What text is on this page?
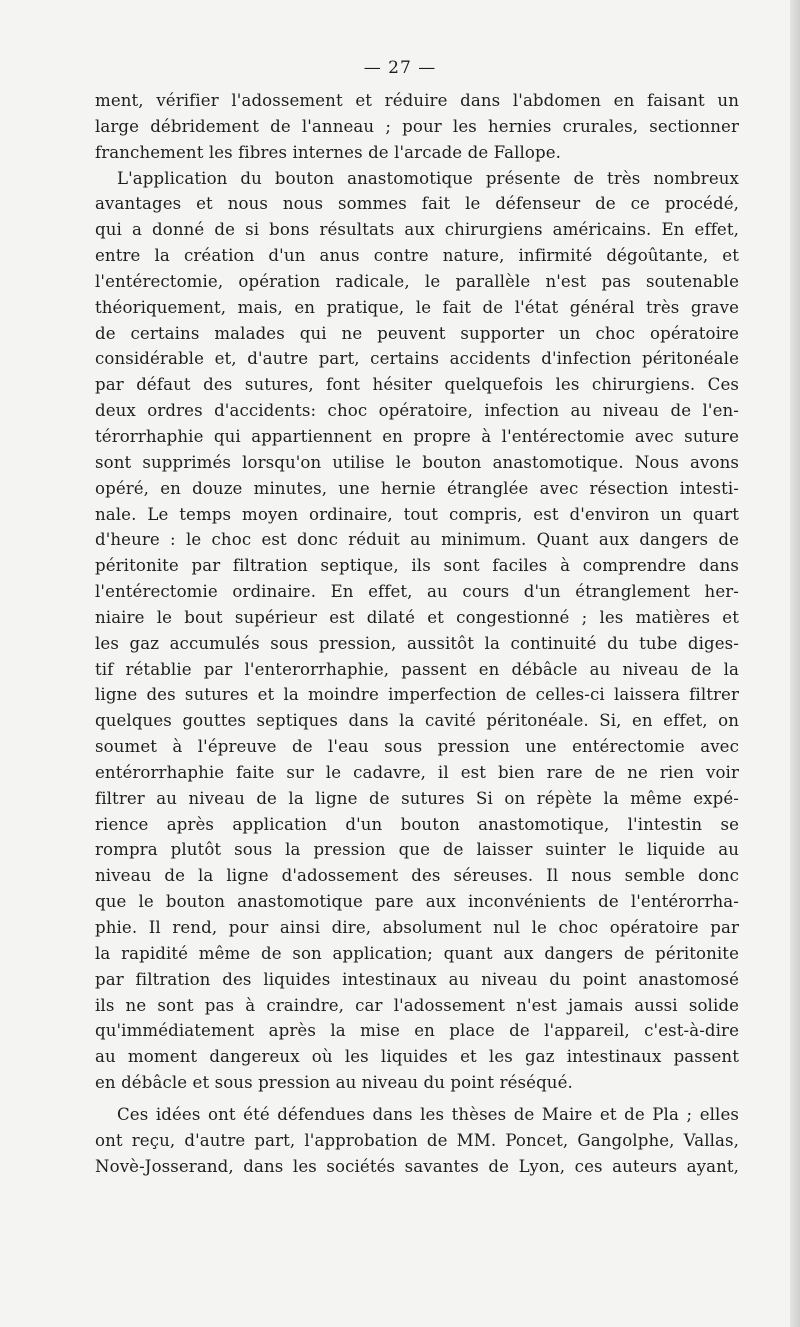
— 27 —
ment, vérifier l'adossement et réduire dans l'abdomen en faisant un
large débridement de l'anneau ; pour les hernies crurales, sectionner
franchement les fibres internes de l'arcade de Fallope.
L'application du bouton anastomotique présente de très nombreux
avantages et nous nous sommes fait le défenseur de ce procédé,
qui a donné de si bons résultats aux chirurgiens américains. En effet,
entre la création d'un anus contre nature, infirmité dégoûtante, et
l'entérectomie, opération radicale, le parallèle n'est pas soutenable
théoriquement, mais, en pratique, le fait de l'état général très grave
de certains malades qui ne peuvent supporter un choc opératoire
considérable et, d'autre part, certains accidents d'infection péritonéale
par défaut des sutures, font hésiter quelquefois les chirurgiens. Ces
deux ordres d'accidents: choc opératoire, infection au niveau de l'en-
térorrhaphie qui appartiennent en propre à l'entérectomie avec suture
sont supprimés lorsqu'on utilise le bouton anastomotique. Nous avons
opéré, en douze minutes, une hernie étranglée avec résection intesti-
nale. Le temps moyen ordinaire, tout compris, est d'environ un quart
d'heure : le choc est donc réduit au minimum. Quant aux dangers de
péritonite par filtration septique, ils sont faciles à comprendre dans
l'entérectomie ordinaire. En effet, au cours d'un étranglement her-
niaire le bout supérieur est dilaté et congestionné ; les matières et
les gaz accumulés sous pression, aussitôt la continuité du tube diges-
tif rétablie par l'enterorrhaphie, passent en débâcle au niveau de la
ligne des sutures et la moindre imperfection de celles-ci laissera filtrer
quelques gouttes septiques dans la cavité péritonéale. Si, en effet, on
soumet à l'épreuve de l'eau sous pression une entérectomie avec
entérorrhaphie faite sur le cadavre, il est bien rare de ne rien voir
filtrer au niveau de la ligne de sutures Si on répète la même expé-
rience après application d'un bouton anastomotique, l'intestin se
rompra plutôt sous la pression que de laisser suinter le liquide au
niveau de la ligne d'adossement des séreuses. Il nous semble donc
que le bouton anastomotique pare aux inconvénients de l'entérorrha-
phie. Il rend, pour ainsi dire, absolument nul le choc opératoire par
la rapidité même de son application; quant aux dangers de péritonite
par filtration des liquides intestinaux au niveau du point anastomosé
ils ne sont pas à craindre, car l'adossement n'est jamais aussi solide
qu'immédiatement après la mise en place de l'appareil, c'est-à-dire
au moment dangereux où les liquides et les gaz intestinaux passent
en débâcle et sous pression au niveau du point réséqué.
Ces idées ont été défendues dans les thèses de Maire et de Pla ; elles
ont reçu, d'autre part, l'approbation de MM. Poncet, Gangolphe, Vallas,
Novè-Josserand, dans les sociétés savantes de Lyon, ces auteurs ayant,
